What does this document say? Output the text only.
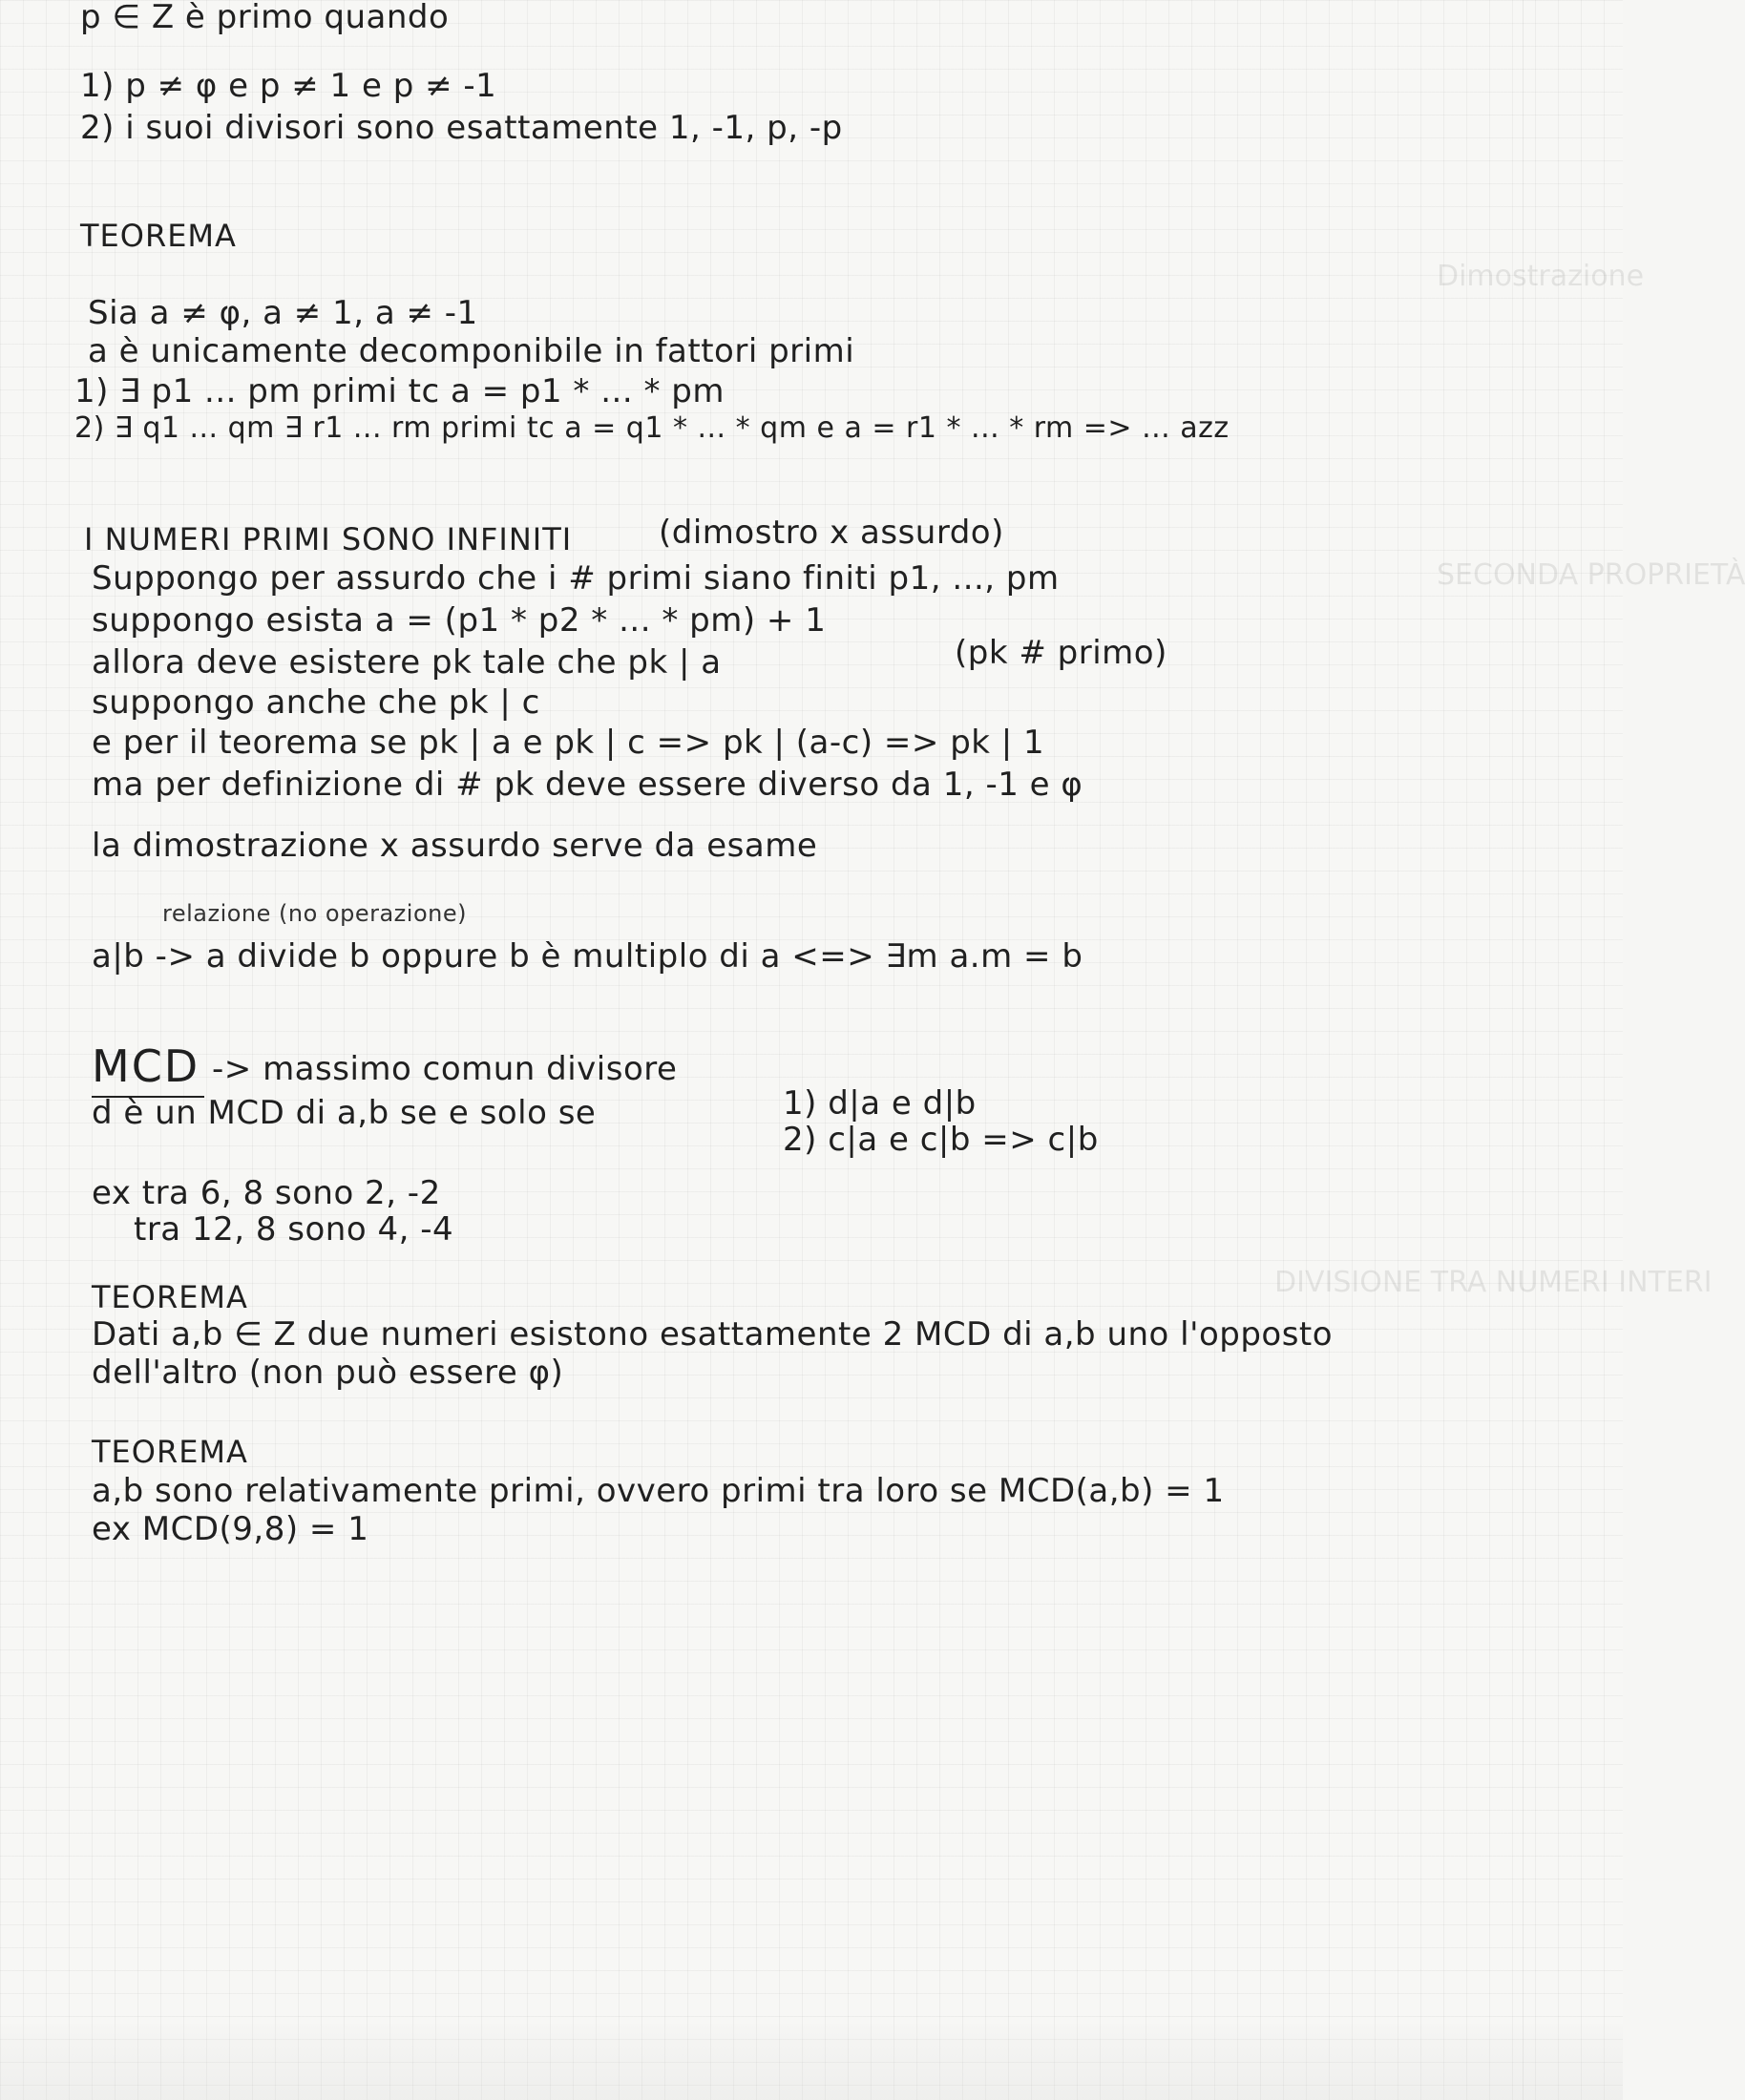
DIVISIONE TRA NUMERI INTERI
Dimostrazione
SECONDA PROPRIETÀ
p ∈ Z è primo quando
1) p ≠ φ e p ≠ 1 e p ≠ -1
2) i suoi divisori sono esattamente 1, -1, p, -p
TEOREMA
Sia a ≠ φ, a ≠ 1, a ≠ -1
a è unicamente decomponibile in fattori primi
1) ∃ p1 ... pm primi tc a = p1 * ... * pm
2) ∃ q1 ... qm ∃ r1 ... rm primi tc a = q1 * ... * qm e a = r1 * ... * rm => ... azz
I NUMERI PRIMI SONO INFINITI	(dimostro x assurdo)
Suppongo per assurdo che i # primi siano finiti p1, ..., pm
suppongo esista a = (p1 * p2 * ... * pm) + 1
allora deve esistere pk tale che pk | a	(pk # primo)
suppongo anche che pk | c
e per il teorema se pk | a e pk | c => pk | (a-c) => pk | 1
ma per definizione di # pk deve essere diverso da 1, -1 e φ
la dimostrazione x assurdo serve da esame
relazione (no operazione)
a|b -> a divide b oppure b è multiplo di a <=> ∃m a.m = b
MCD -> massimo comun divisore
d è un MCD di a,b se e solo se	1) d|a e d|b
2) c|a e c|b => c|b
ex tra 6, 8 sono 2, -2
tra 12, 8 sono 4, -4
TEOREMA
Dati a,b ∈ Z due numeri esistono esattamente 2 MCD di a,b uno l'opposto
dell'altro (non può essere φ)
TEOREMA
a,b sono relativamente primi, ovvero primi tra loro se MCD(a,b) = 1
ex MCD(9,8) = 1
